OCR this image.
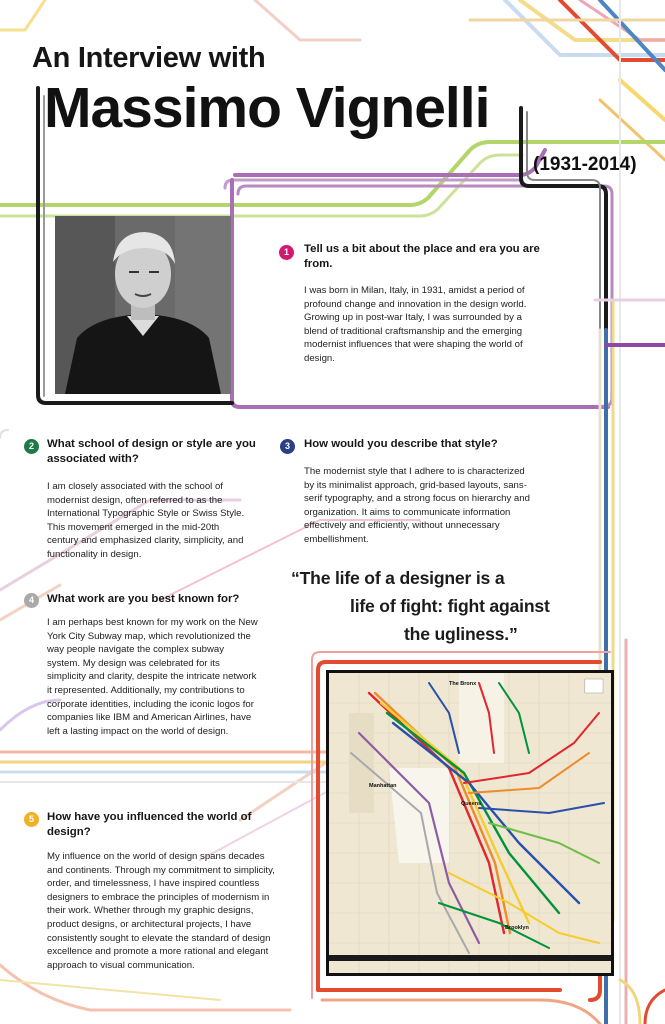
An Interview with
Massimo Vignelli
(1931-2014)
1	Tell us a bit about the place and era you are from.
I was born in Milan, Italy, in 1931, amidst a period of profound change and innovation in the design world. Growing up in post-war Italy, I was surrounded by a blend of traditional craftsmanship and the emerging modernist influences that were shaping the world of design.
2	What school of design or style are you associated with?
I am closely associated with the school of modernist design, often referred to as the International Typographic Style or Swiss Style. This movement emerged in the mid-20th century and emphasized clarity, simplicity, and functionality in design.
3	How would you describe that style?
The modernist style that I adhere to is characterized by its minimalist approach, grid-based layouts, sans-serif typography, and a strong focus on hierarchy and organization. It aims to communicate information effectively and efficiently, without unnecessary embellishment.
“The life of a designer is a
life of fight: fight against
the ugliness.”
4	What work are you best known for?
I am perhaps best known for my work on the New York City Subway map, which revolutionized the way people navigate the complex subway system. My design was celebrated for its simplicity and clarity, despite the intricate network it represented. Additionally, my contributions to corporate identities, including the iconic logos for companies like IBM and American Airlines, have left a lasting impact on the world of design.
5	How have you influenced the world of design?
My influence on the world of design spans decades and continents. Through my commitment to simplicity, order, and timelessness, I have inspired countless designers to embrace the principles of modernism in their work. Whether through my graphic designs, product designs, or architectural projects, I have consistently sought to elevate the standard of design excellence and promote a more rational and elegant approach to visual communication.
The Bronx
Manhattan
Queens
Brooklyn
